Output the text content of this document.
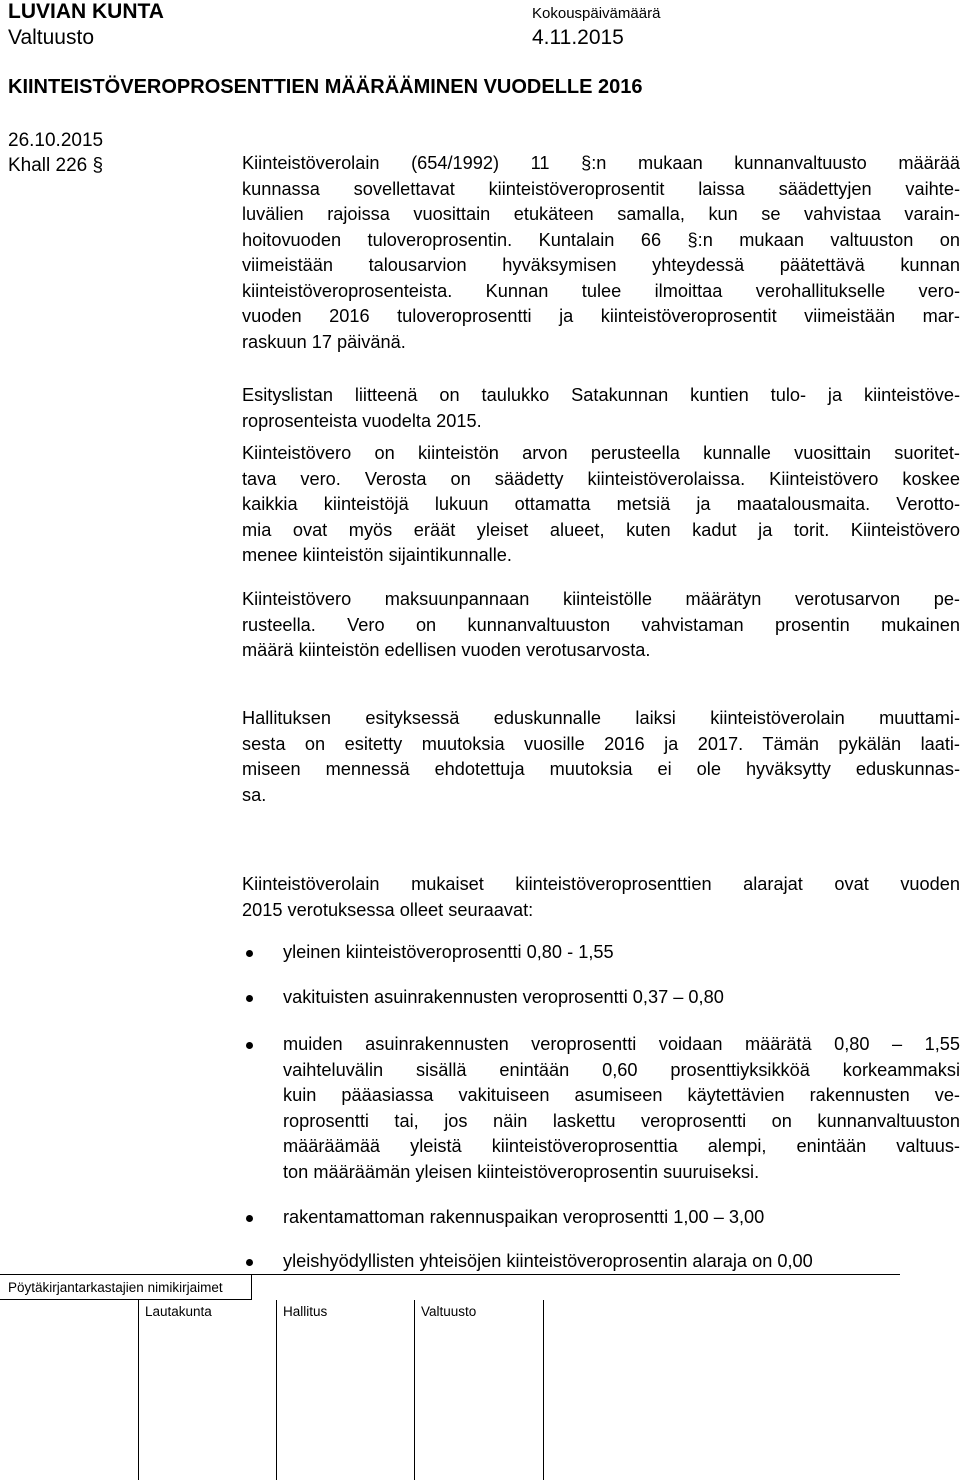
LUVIAN KUNTA
Valtuusto
Kokouspäivämäärä
4.11.2015
KIINTEISTÖVEROPROSENTTIEN MÄÄRÄÄMINEN VUODELLE 2016
26.10.2015
Khall 226 §	Kiinteistöverolain (654/1992) 11 §:n mukaan kunnanvaltuusto määrää
kunnassa sovellettavat kiinteistöveroprosentit laissa säädettyjen vaihte-
luvälien rajoissa vuosittain etukäteen samalla, kun se vahvistaa varain-
hoitovuoden tuloveroprosentin. Kuntalain 66 §:n mukaan valtuuston on
viimeistään talousarvion hyväksymisen yhteydessä päätettävä kunnan
kiinteistöveroprosenteista. Kunnan tulee ilmoittaa verohallitukselle vero-
vuoden 2016 tuloveroprosentti ja kiinteistöveroprosentit viimeistään mar-
raskuun 17 päivänä.
Esityslistan liitteenä on taulukko Satakunnan kuntien tulo- ja kiinteistöve-
roprosenteista vuodelta 2015.
Kiinteistövero on kiinteistön arvon perusteella kunnalle vuosittain suoritet-
tava vero. Verosta on säädetty kiinteistöverolaissa. Kiinteistövero koskee
kaikkia kiinteistöjä lukuun ottamatta metsiä ja maatalousmaita. Verotto-
mia ovat myös eräät yleiset alueet, kuten kadut ja torit. Kiinteistövero
menee kiinteistön sijaintikunnalle.
Kiinteistövero maksuunpannaan kiinteistölle määrätyn verotusarvon pe-
rusteella. Vero on kunnanvaltuuston vahvistaman prosentin mukainen
määrä kiinteistön edellisen vuoden verotusarvosta.
Hallituksen esityksessä eduskunnalle laiksi kiinteistöverolain muuttami-
sesta on esitetty muutoksia vuosille 2016 ja 2017. Tämän pykälän laati-
miseen mennessä ehdotettuja muutoksia ei ole hyväksytty eduskunnas-
sa.
Kiinteistöverolain mukaiset kiinteistöveroprosenttien alarajat ovat vuoden
2015 verotuksessa olleet seuraavat:
yleinen kiinteistöveroprosentti 0,80 - 1,55
vakituisten asuinrakennusten veroprosentti 0,37 – 0,80
muiden asuinrakennusten veroprosentti voidaan määrätä 0,80 – 1,55
vaihteluvälin sisällä enintään 0,60 prosenttiyksikköä korkeammaksi
kuin pääasiassa vakituiseen asumiseen käytettävien rakennusten ve-
roprosentti tai, jos näin laskettu veroprosentti on kunnanvaltuuston
määräämää yleistä kiinteistöveroprosenttia alempi, enintään valtuus-
ton määräämän yleisen kiinteistöveroprosentin suuruiseksi.
rakentamattoman rakennuspaikan veroprosentti 1,00 – 3,00
yleishyödyllisten yhteisöjen kiinteistöveroprosentin alaraja on 0,00
Pöytäkirjantarkastajien nimikirjaimet
Lautakunta	Hallitus	Valtuusto
